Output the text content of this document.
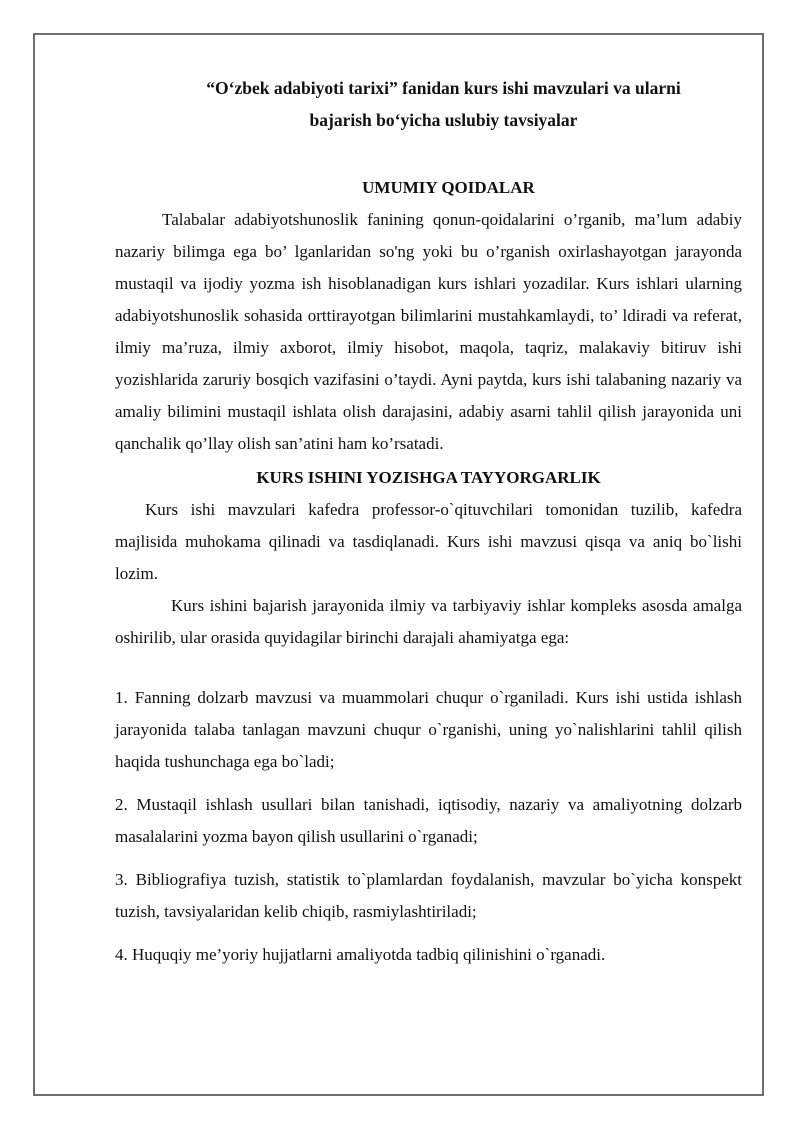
“O‘zbek adabiyoti tarixi” fanidan kurs ishi mavzulari va ularni
bajarish bo‘yicha uslubiy tavsiyalar
UMUMIY QOIDALAR

Talabalar adabiyotshunoslik fanining qonun-qoidalarini o’rganib, ma’lum adabiy nazariy bilimga ega bo’ lganlaridan so'ng yoki bu o’rganish oxirlashayotgan jarayonda mustaqil va ijodiy yozma ish hisoblanadigan kurs ishlari yozadilar. Kurs ishlari ularning adabiyotshunoslik sohasida orttirayotgan bilimlarini mustahkamlaydi, to’ ldiradi va rеfеrаt, ilmiy ma’ruza, ilmiy axborot, ilmiy hisobot, maqola, taqriz, malakaviy bitiruv ishi yozishlarida zaruriy bosqich vazifasini o’taydi. Ayni paytda, kurs ishi talabaning nazariy va amaliy bilimini mustaqil ishlata olish darajasini, adabiy asarni tahlil qilish jarayonida uni qanchalik qo’llay olish san’atini ham ko’rsatadi.

KURS ISHINI YOZISHGA TAYYORGARLIK

Kurs ishi mavzulari kafedra professor-o`qituvchilari tomonidan tuzilib, kafedra majlisida muhokama qilinadi va tasdiqlanadi. Kurs ishi mavzusi qisqa va aniq bo`lishi lozim.

Kurs ishini bajarish jarayonida ilmiy va tarbiyaviy ishlar kompleks asosda amalga oshirilib, ular orasida quyidagilar birinchi darajali ahamiyatga ega:

1. Fanning dolzarb mavzusi va muammolari chuqur o`rganiladi. Kurs ishi ustida ishlash jarayonida talaba tanlagan mavzuni chuqur o`rganishi, uning yo`nalishlarini tahlil qilish haqida tushunchaga ega bo`ladi;

2. Mustaqil ishlash usullari bilan tanishadi, iqtisodiy, nazariy va amaliyotning dolzarb masalalarini yozma bayon qilish usullarini o`rganadi;

3. Bibliografiya tuzish, statistik to`plamlardan foydalanish, mavzular bo`yicha konspekt tuzish, tavsiyalaridan kelib chiqib, rasmiylashtiriladi;

4. Huquqiy me’yoriy hujjatlarni amaliyotda tadbiq qilinishini o`rganadi.
